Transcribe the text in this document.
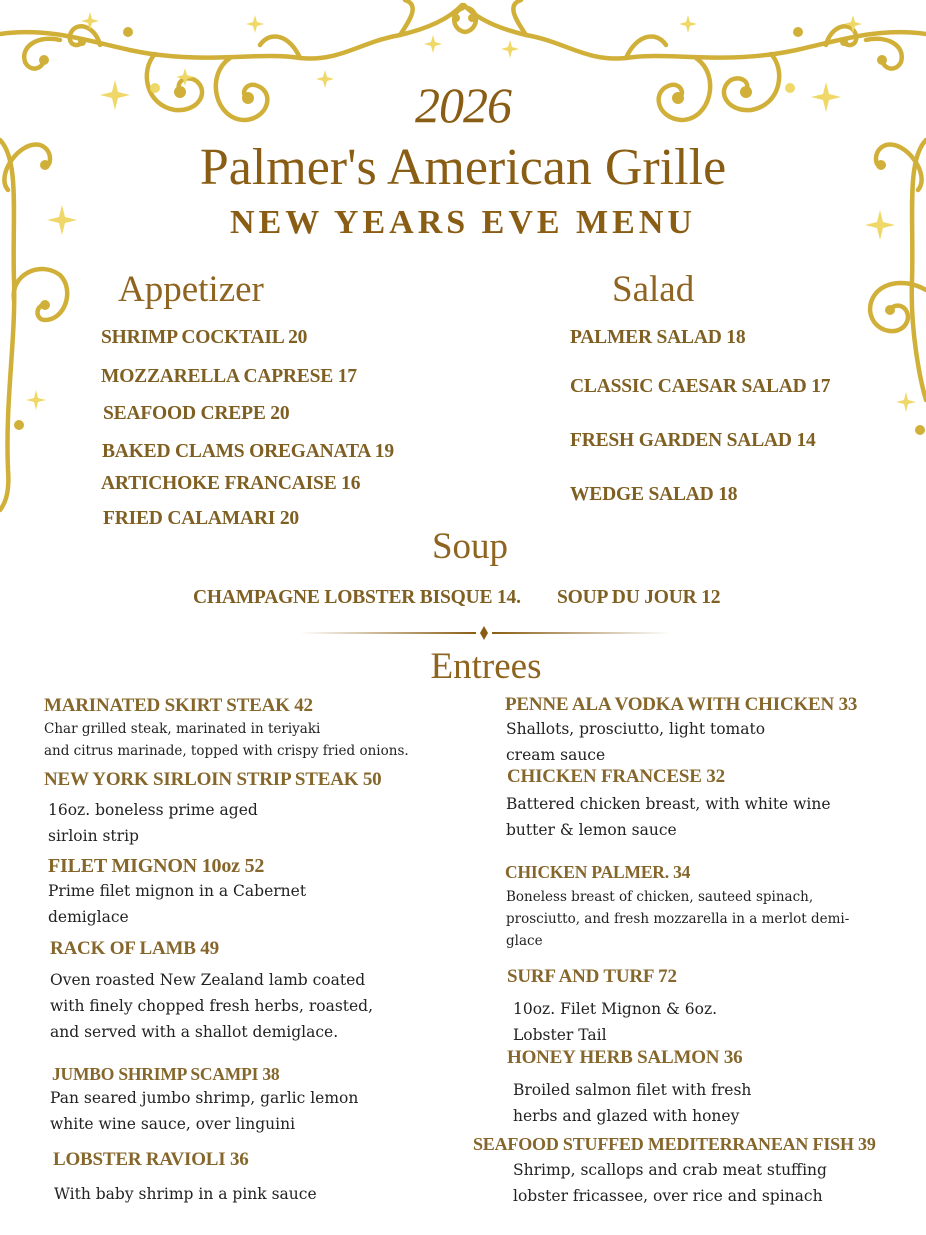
2026
Palmer's American Grille
NEW YEARS EVE MENU
Appetizer
SHRIMP COCKTAIL 20
MOZZARELLA CAPRESE 17
SEAFOOD CREPE 20
BAKED CLAMS OREGANATA 19
ARTICHOKE FRANCAISE 16
FRIED CALAMARI 20
Salad
PALMER SALAD 18
CLASSIC CAESAR SALAD 17
FRESH GARDEN SALAD 14
WEDGE SALAD 18
Soup
CHAMPAGNE LOBSTER BISQUE 14. SOUP DU JOUR 12
Entrees
MARINATED SKIRT STEAK 42
Char grilled steak, marinated in teriyaki
and citrus marinade, topped with crispy fried onions.
NEW YORK SIRLOIN STRIP STEAK 50
16oz. boneless prime aged
sirloin strip
FILET MIGNON 10oz 52
Prime filet mignon in a Cabernet
demiglace
RACK OF LAMB 49
Oven roasted New Zealand lamb coated
with finely chopped fresh herbs, roasted,
and served with a shallot demiglace.
JUMBO SHRIMP SCAMPI 38
Pan seared jumbo shrimp, garlic lemon
white wine sauce, over linguini
LOBSTER RAVIOLI 36
With baby shrimp in a pink sauce
PENNE ALA VODKA WITH CHICKEN 33
Shallots, prosciutto, light tomato
cream sauce
CHICKEN FRANCESE 32
Battered chicken breast, with white wine
butter & lemon sauce
CHICKEN PALMER. 34
Boneless breast of chicken, sauteed spinach,
prosciutto, and fresh mozzarella in a merlot demi-
glace
SURF AND TURF 72
10oz. Filet Mignon & 6oz.
Lobster Tail
HONEY HERB SALMON 36
Broiled salmon filet with fresh
herbs and glazed with honey
SEAFOOD STUFFED MEDITERRANEAN FISH 39
Shrimp, scallops and crab meat stuffing
lobster fricassee, over rice and spinach
